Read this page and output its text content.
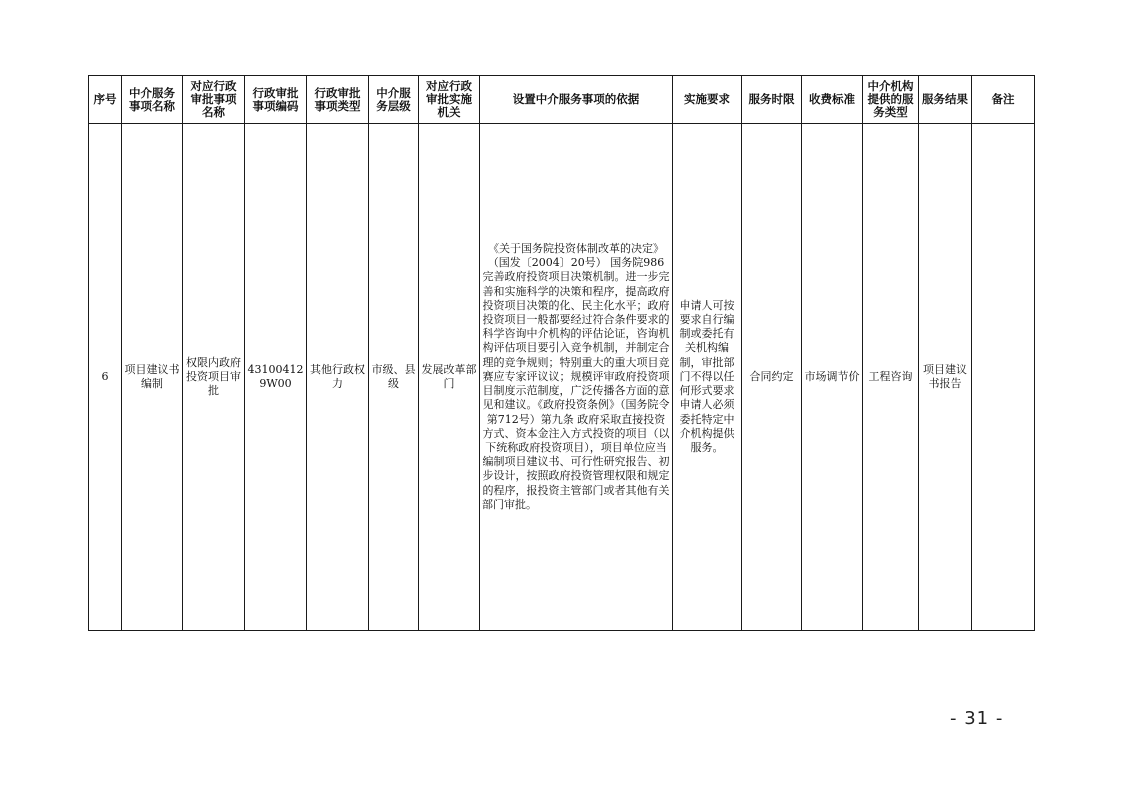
序号	中介服务事项名称	对应行政审批事项名称	行政审批事项编码	行政审批事项类型	中介服务层级	对应行政审批实施机关	设置中介服务事项的依据	实施要求	服务时限	收费标准	中介机构提供的服务类型	服务结果	备注
6	项目建议书编制	权限内政府投资项目审批	431004129W00	其他行政权力	市级、县级	发展改革部门	《关于国务院投资体制改革的决定》（国发〔2004〕20号） 国务院986 完善政府投资项目决策机制。进一步完善和实施科学的决策和程序，提高政府投资项目决策的化、民主化水平；政府投资项目一般都要经过符合条件要求的科学咨询中介机构的评估论证，咨询机构评估项目要引入竞争机制，并制定合理的竞争规则；特别重大的重大项目竞赛应专家评议议；规模评审政府投资项目制度示范制度，广泛传播各方面的意见和建议。《政府投资条例》（国务院令第712号）第九条 政府采取直接投资方式、资本金注入方式投资的项目（以下统称政府投资项目），项目单位应当编制项目建议书、可行性研究报告、初步设计，按照政府投资管理权限和规定的程序，报投资主管部门或者其他有关部门审批。	申请人可按要求自行编制或委托有关机构编制，审批部门不得以任何形式要求申请人必须委托特定中介机构提供服务。	合同约定	市场调节价	工程咨询	项目建议书报告	
- 31 -
